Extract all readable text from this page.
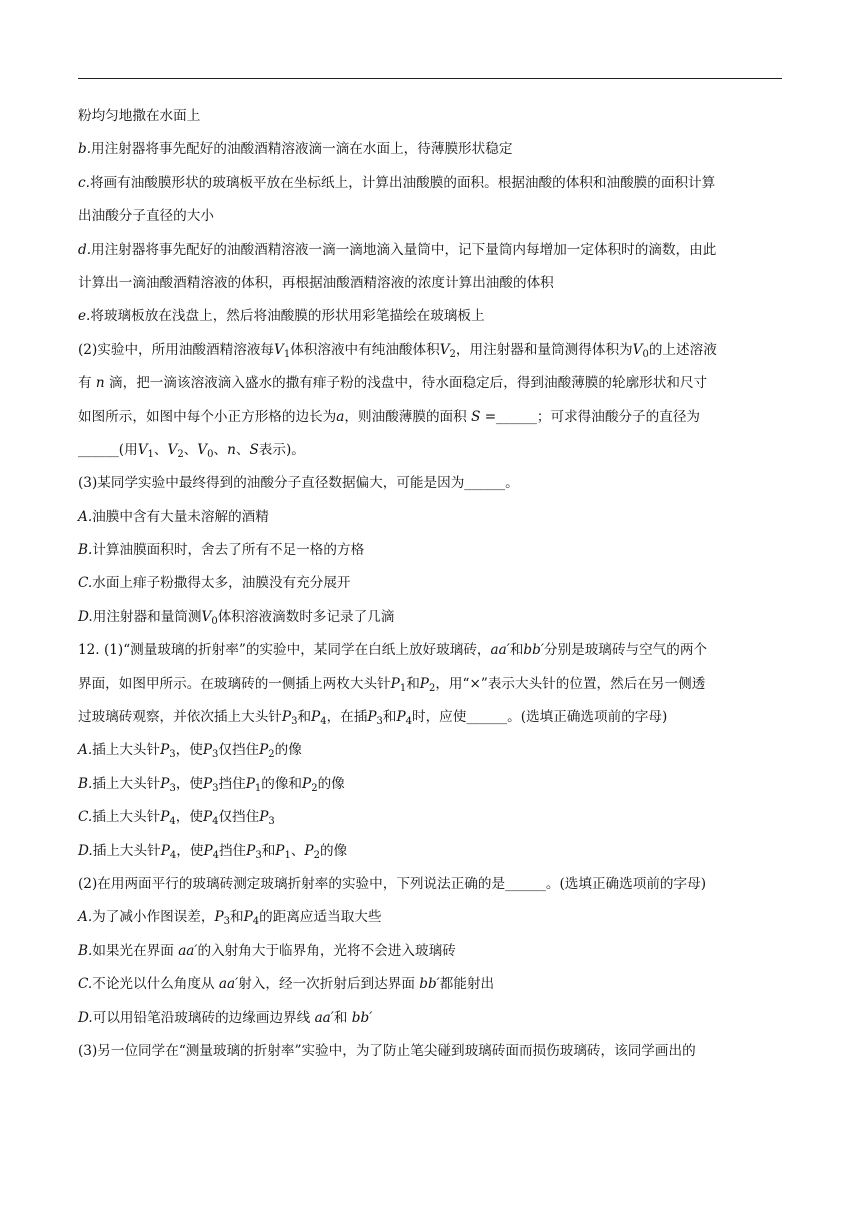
粉均匀地撒在水面上
b.用注射器将事先配好的油酸酒精溶液滴一滴在水面上，待薄膜形状稳定
c.将画有油酸膜形状的玻璃板平放在坐标纸上，计算出油酸膜的面积。根据油酸的体积和油酸膜的面积计算
出油酸分子直径的大小
d.用注射器将事先配好的油酸酒精溶液一滴一滴地滴入量筒中，记下量筒内每增加一定体积时的滴数，由此
计算出一滴油酸酒精溶液的体积，再根据油酸酒精溶液的浓度计算出油酸的体积
e.将玻璃板放在浅盘上，然后将油酸膜的形状用彩笔描绘在玻璃板上
(2)实验中，所用油酸酒精溶液每$V_1$体积溶液中有纯油酸体积$V_2$，用注射器和量筒测得体积为$V_0$的上述溶液
有 n 滴，把一滴该溶液滴入盛水的撒有痱子粉的浅盘中，待水面稳定后，得到油酸薄膜的轮廓形状和尺寸
如图所示，如图中每个小正方形格的边长为a，则油酸薄膜的面积 S =______；可求得油酸分子的直径为
______(用$V_1$、$V_2$、$V_0$、n、S表示)。
(3)某同学实验中最终得到的油酸分子直径数据偏大，可能是因为______。
A.油膜中含有大量未溶解的酒精
B.计算油膜面积时，舍去了所有不足一格的方格
C.水面上痱子粉撒得太多，油膜没有充分展开
D.用注射器和量筒测$V_0$体积溶液滴数时多记录了几滴
12. (1)“测量玻璃的折射率”的实验中，某同学在白纸上放好玻璃砖，aa′和bb′分别是玻璃砖与空气的两个
界面，如图甲所示。在玻璃砖的一侧插上两枚大头针$P_1$和$P_2$，用“×”表示大头针的位置，然后在另一侧透
过玻璃砖观察，并依次插上大头针$P_3$和$P_4$，在插$P_3$和$P_4$时，应使______。(选填正确选项前的字母)
A.插上大头针$P_3$，使$P_3$仅挡住$P_2$的像
B.插上大头针$P_3$，使$P_3$挡住$P_1$的像和$P_2$的像
C.插上大头针$P_4$，使$P_4$仅挡住$P_3$
D.插上大头针$P_4$，使$P_4$挡住$P_3$和$P_1$、$P_2$的像
(2)在用两面平行的玻璃砖测定玻璃折射率的实验中，下列说法正确的是______。(选填正确选项前的字母)
A.为了减小作图误差，$P_3$和$P_4$的距离应适当取大些
B.如果光在界面 aa′的入射角大于临界角，光将不会进入玻璃砖
C.不论光以什么角度从 aa′射入，经一次折射后到达界面 bb′都能射出
D.可以用铅笔沿玻璃砖的边缘画边界线 aa′和 bb′
(3)另一位同学在“测量玻璃的折射率”实验中，为了防止笔尖碰到玻璃砖面而损伤玻璃砖，该同学画出的
